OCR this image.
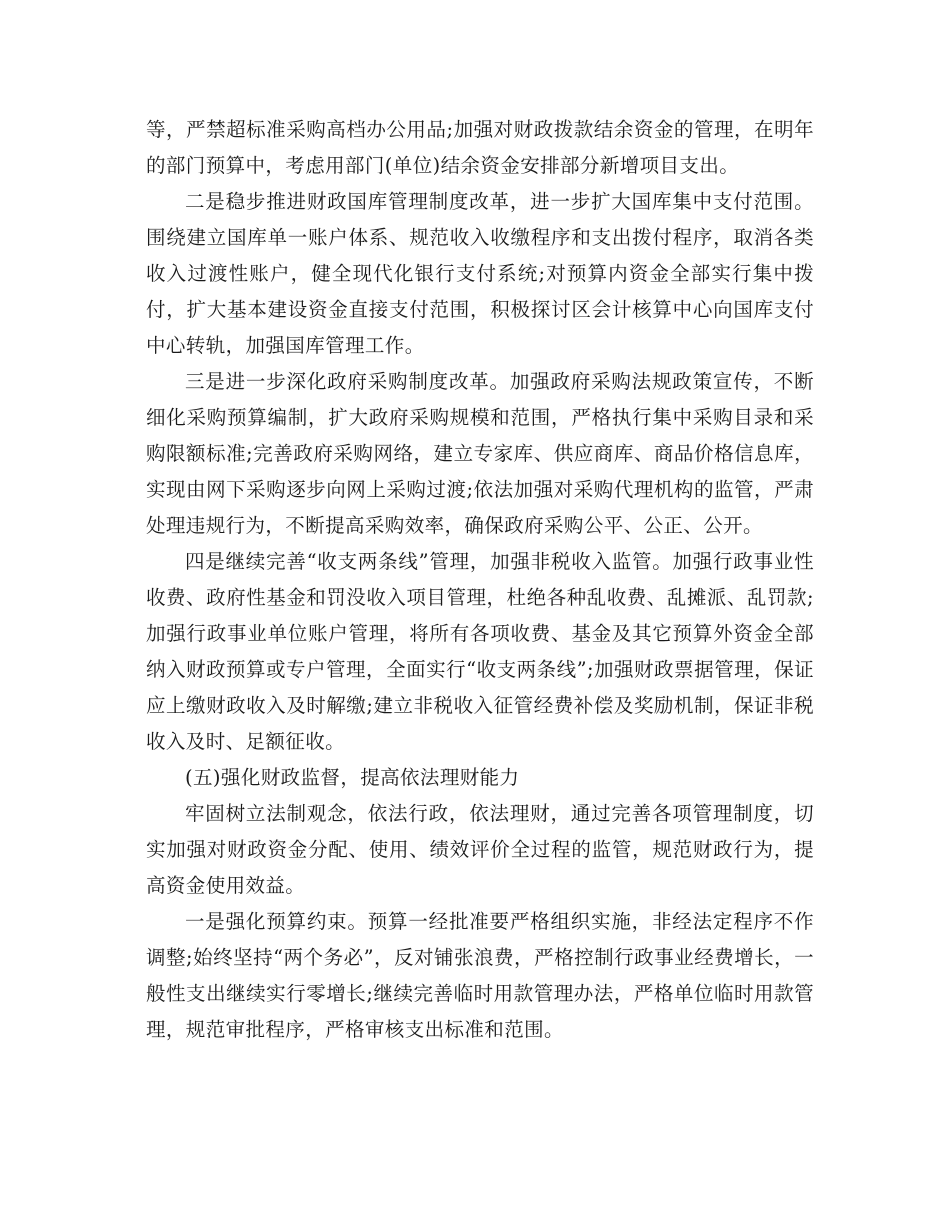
等，严禁超标准采购高档办公用品;加强对财政拨款结余资金的管理，在明年的部门预算中，考虑用部门(单位)结余资金安排部分新增项目支出。

二是稳步推进财政国库管理制度改革，进一步扩大国库集中支付范围。围绕建立国库单一账户体系、规范收入收缴程序和支出拨付程序，取消各类收入过渡性账户，健全现代化银行支付系统;对预算内资金全部实行集中拨付，扩大基本建设资金直接支付范围，积极探讨区会计核算中心向国库支付中心转轨，加强国库管理工作。

三是进一步深化政府采购制度改革。加强政府采购法规政策宣传，不断细化采购预算编制，扩大政府采购规模和范围，严格执行集中采购目录和采购限额标准;完善政府采购网络，建立专家库、供应商库、商品价格信息库，实现由网下采购逐步向网上采购过渡;依法加强对采购代理机构的监管，严肃处理违规行为，不断提高采购效率，确保政府采购公平、公正、公开。

四是继续完善“收支两条线”管理，加强非税收入监管。加强行政事业性收费、政府性基金和罚没收入项目管理，杜绝各种乱收费、乱摊派、乱罚款;加强行政事业单位账户管理，将所有各项收费、基金及其它预算外资金全部纳入财政预算或专户管理，全面实行“收支两条线”;加强财政票据管理，保证应上缴财政收入及时解缴;建立非税收入征管经费补偿及奖励机制，保证非税收入及时、足额征收。

(五)强化财政监督，提高依法理财能力

牢固树立法制观念，依法行政，依法理财，通过完善各项管理制度，切实加强对财政资金分配、使用、绩效评价全过程的监管，规范财政行为，提高资金使用效益。

一是强化预算约束。预算一经批准要严格组织实施，非经法定程序不作调整;始终坚持“两个务必”，反对铺张浪费，严格控制行政事业经费增长，一般性支出继续实行零增长;继续完善临时用款管理办法，严格单位临时用款管理，规范审批程序，严格审核支出标准和范围。
